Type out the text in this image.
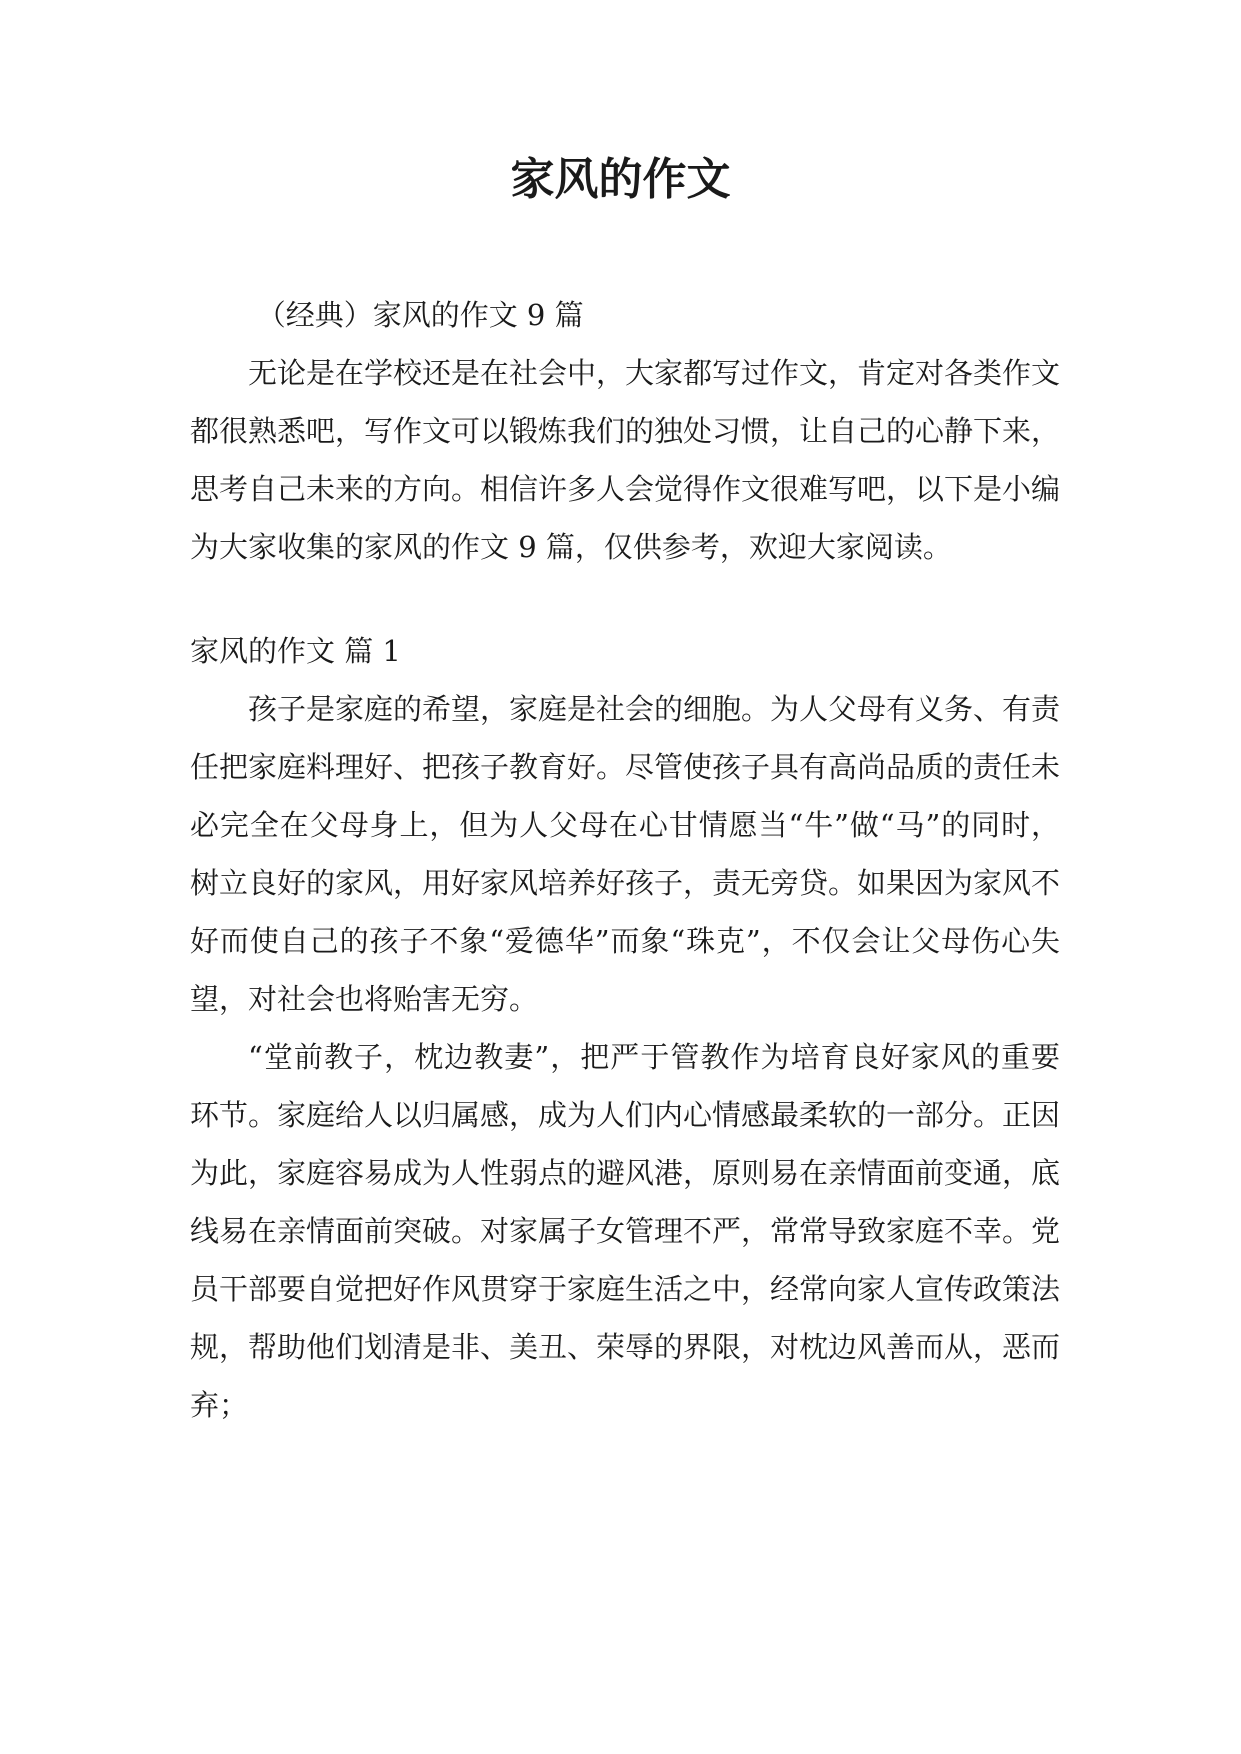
家风的作文

（经典）家风的作文 9 篇

无论是在学校还是在社会中，大家都写过作文，肯定对各类作文都很熟悉吧，写作文可以锻炼我们的独处习惯，让自己的心静下来，思考自己未来的方向。相信许多人会觉得作文很难写吧，以下是小编为大家收集的家风的作文 9 篇，仅供参考，欢迎大家阅读。

家风的作文 篇 1

孩子是家庭的希望，家庭是社会的细胞。为人父母有义务、有责任把家庭料理好、把孩子教育好。尽管使孩子具有高尚品质的责任未必完全在父母身上，但为人父母在心甘情愿当“牛”做“马”的同时，树立良好的家风，用好家风培养好孩子，责无旁贷。如果因为家风不好而使自己的孩子不象“爱德华”而象“珠克”，不仅会让父母伤心失望，对社会也将贻害无穷。

“堂前教子，枕边教妻”，把严于管教作为培育良好家风的重要环节。家庭给人以归属感，成为人们内心情感最柔软的一部分。正因为此，家庭容易成为人性弱点的避风港，原则易在亲情面前变通，底线易在亲情面前突破。对家属子女管理不严，常常导致家庭不幸。党员干部要自觉把好作风贯穿于家庭生活之中，经常向家人宣传政策法规，帮助他们划清是非、美丑、荣辱的界限，对枕边风善而从，恶而弃；
